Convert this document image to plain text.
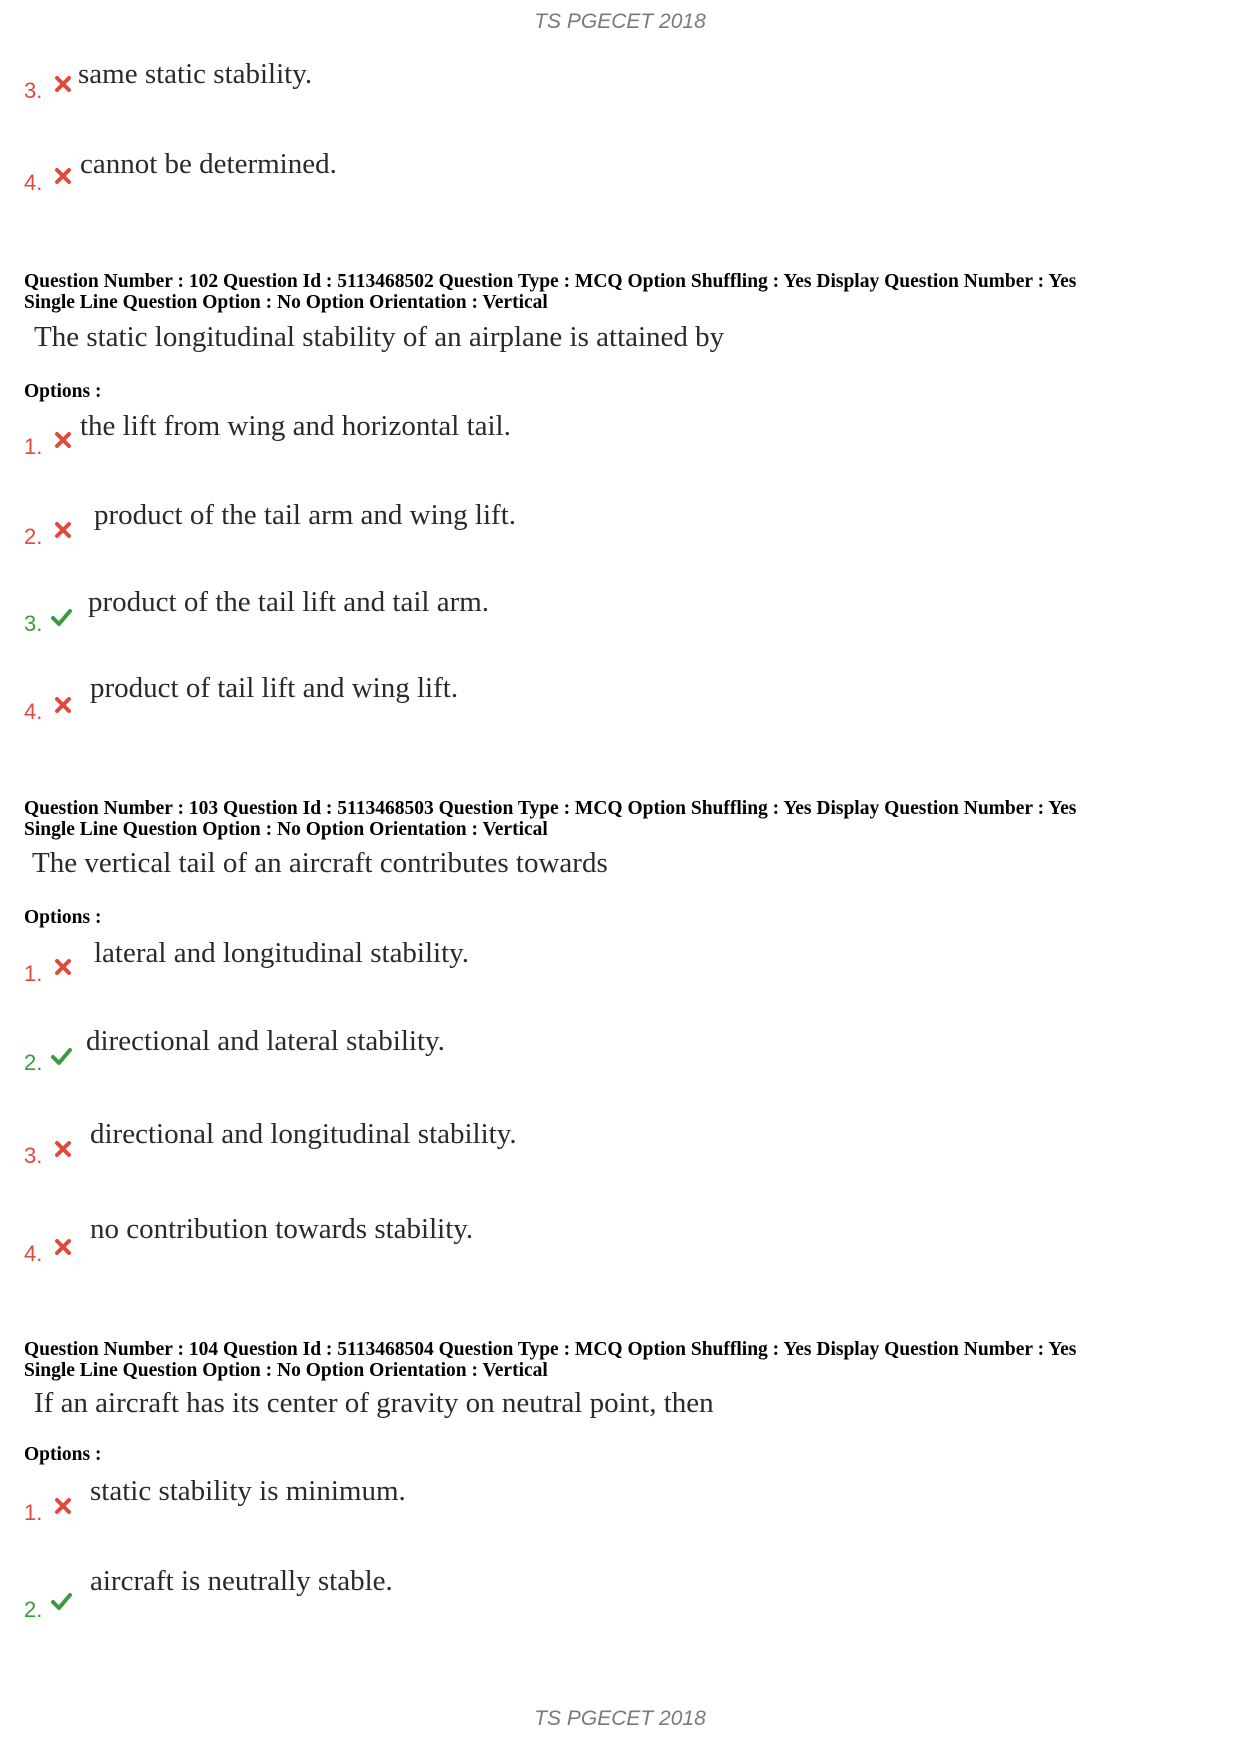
TS PGECET 2018
3.
same static stability.
4.
cannot be determined.
Question Number : 102 Question Id : 5113468502 Question Type : MCQ Option Shuffling : Yes Display Question Number : Yes
Single Line Question Option : No Option Orientation : Vertical
The static longitudinal stability of an airplane is attained by
Options :
1.
the lift from wing and horizontal tail.
2.
product of the tail arm and wing lift.
3.
product of the tail lift and tail arm.
4.
product of tail lift and wing lift.
Question Number : 103 Question Id : 5113468503 Question Type : MCQ Option Shuffling : Yes Display Question Number : Yes
Single Line Question Option : No Option Orientation : Vertical
The vertical tail of an aircraft contributes towards
Options :
1.
lateral and longitudinal stability.
2.
directional and lateral stability.
3.
directional and longitudinal stability.
4.
no contribution towards stability.
Question Number : 104 Question Id : 5113468504 Question Type : MCQ Option Shuffling : Yes Display Question Number : Yes
Single Line Question Option : No Option Orientation : Vertical
If an aircraft has its center of gravity on neutral point, then
Options :
1.
static stability is minimum.
2.
aircraft is neutrally stable.
TS PGECET 2018
